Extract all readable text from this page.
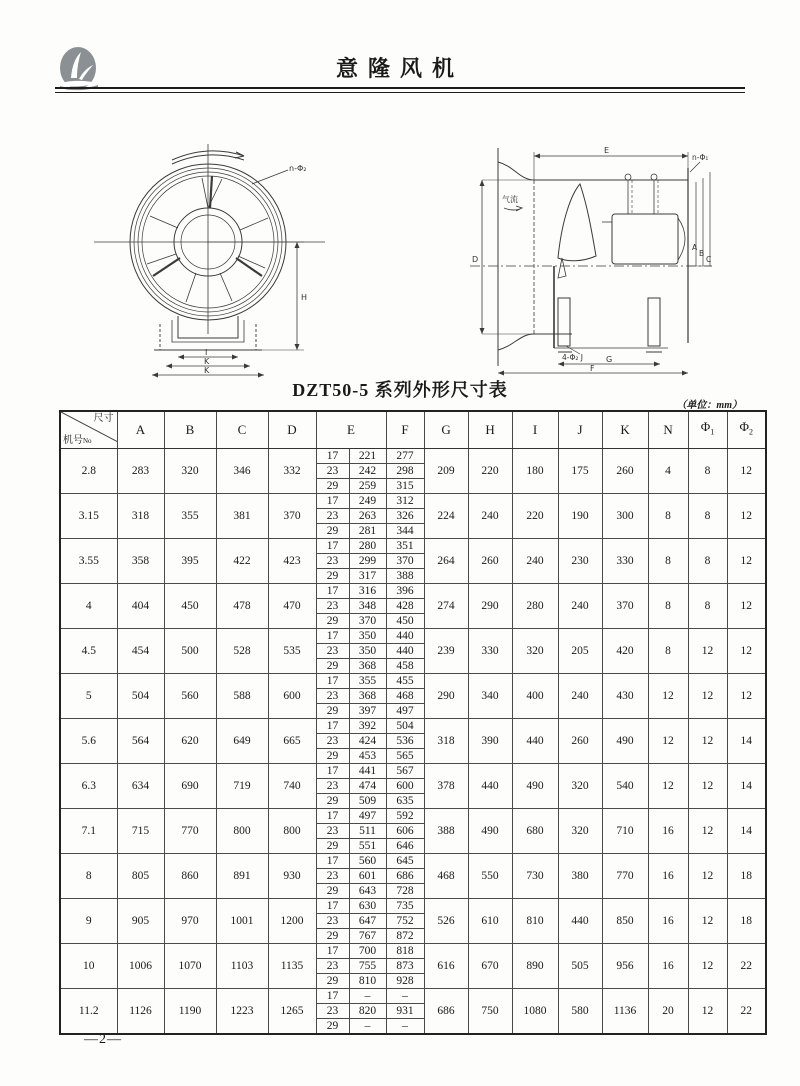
意隆风机
n-Φ₂
H
I
K
K
E
n-Φ₁
气流
D
A
B
C
4-Φ₂ J	G
F
DZT50-5 系列外形尺寸表
（单位：mm）
尺寸
机号No	A	B	C	D	E		F	G	H	I	J	K	N	$\Phi_1$	$\Phi_2$
2.8	283	320	346	332	17	221	277	209	220	180	175	260	4	8	12
					23	242	298								
					29	259	315								
3.15	318	355	381	370	17	249	312	224	240	220	190	300	8	8	12
					23	263	326								
					29	281	344								
3.55	358	395	422	423	17	280	351	264	260	240	230	330	8	8	12
					23	299	370								
					29	317	388								
4	404	450	478	470	17	316	396	274	290	280	240	370	8	8	12
					23	348	428								
					29	370	450								
4.5	454	500	528	535	17	350	440	239	330	320	205	420	8	12	12
					23	350	440								
					29	368	458								
5	504	560	588	600	17	355	455	290	340	400	240	430	12	12	12
					23	368	468								
					29	397	497								
5.6	564	620	649	665	17	392	504	318	390	440	260	490	12	12	14
					23	424	536								
					29	453	565								
6.3	634	690	719	740	17	441	567	378	440	490	320	540	12	12	14
					23	474	600								
					29	509	635								
7.1	715	770	800	800	17	497	592	388	490	680	320	710	16	12	14
					23	511	606								
					29	551	646								
8	805	860	891	930	17	560	645	468	550	730	380	770	16	12	18
					23	601	686								
					29	643	728								
9	905	970	1001	1200	17	630	735	526	610	810	440	850	16	12	18
					23	647	752								
					29	767	872								
10	1006	1070	1103	1135	17	700	818	616	670	890	505	956	16	12	22
					23	755	873								
					29	810	928								
11.2	1126	1190	1223	1265	17	–	–	686	750	1080	580	1136	20	12	22
					23	820	931								
					29	–	–								
—2—
